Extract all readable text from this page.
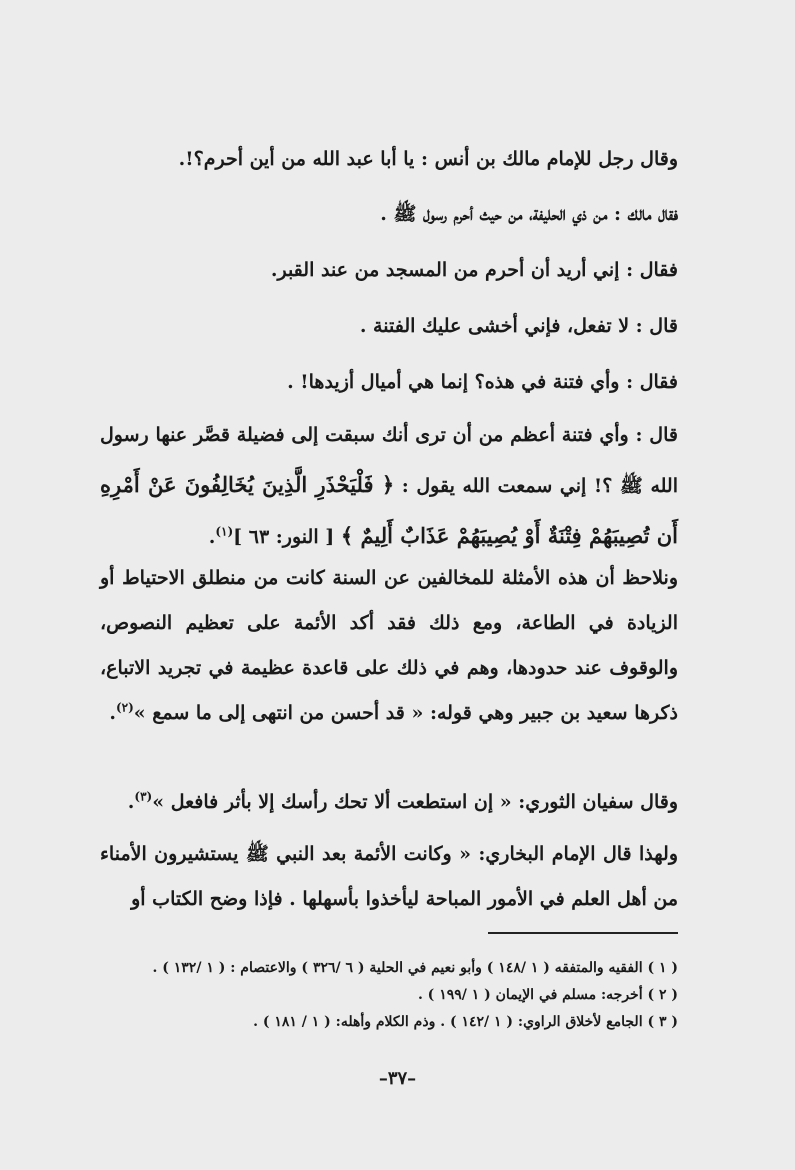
وقال رجل للإمام مالك بن أنس : يا أبا عبد الله من أين أحرم؟!.

فقال مالك : من ذي الحليفة، من حيث أحرم رسول ﷺ .

فقال : إني أريد أن أحرم من المسجد من عند القبر.

قال : لا تفعل، فإني أخشى عليك الفتنة .

فقال : وأي فتنة في هذه؟ إنما هي أميال أزيدها! .

قال : وأي فتنة أعظم من أن ترى أنك سبقت إلى فضيلة قصَّر عنها رسول الله ﷺ ؟! إني سمعت الله يقول : ﴿ فَلْيَحْذَرِ الَّذِينَ يُخَالِفُونَ عَنْ أَمْرِهِ أَن تُصِيبَهُمْ فِتْنَةٌ أَوْ يُصِيبَهُمْ عَذَابٌ أَلِيمٌ ﴾ [ النور: ٦٣ ]$^{(١)}$.

ونلاحظ أن هذه الأمثلة للمخالفين عن السنة كانت من منطلق الاحتياط أو الزيادة في الطاعة، ومع ذلك فقد أكد الأئمة على تعظيم النصوص، والوقوف عند حدودها، وهم في ذلك على قاعدة عظيمة في تجريد الاتباع، ذكرها سعيد بن جبير وهي قوله: « قد أحسن من انتهى إلى ما سمع »$^{(٢)}$.

وقال سفيان الثوري: « إن استطعت ألا تحك رأسك إلا بأثر فافعل »$^{(٣)}$.

ولهذا قال الإمام البخاري: « وكانت الأئمة بعد النبي ﷺ يستشيرون الأمناء من أهل العلم في الأمور المباحة ليأخذوا بأسهلها . فإذا وضح الكتاب أو

( ١ ) الفقيه والمتفقه ( ١ /١٤٨ ) وأبو نعيم في الحلية ( ٦ /٣٢٦ ) والاعتصام : ( ١ /١٣٢ ) .

( ٢ ) أخرجه: مسلم في الإيمان ( ١ /١٩٩ ) .

( ٣ ) الجامع لأخلاق الراوي: ( ١ /١٤٢ ) . وذم الكلام وأهله: ( ١ / ١٨١ ) .

–٣٧–
